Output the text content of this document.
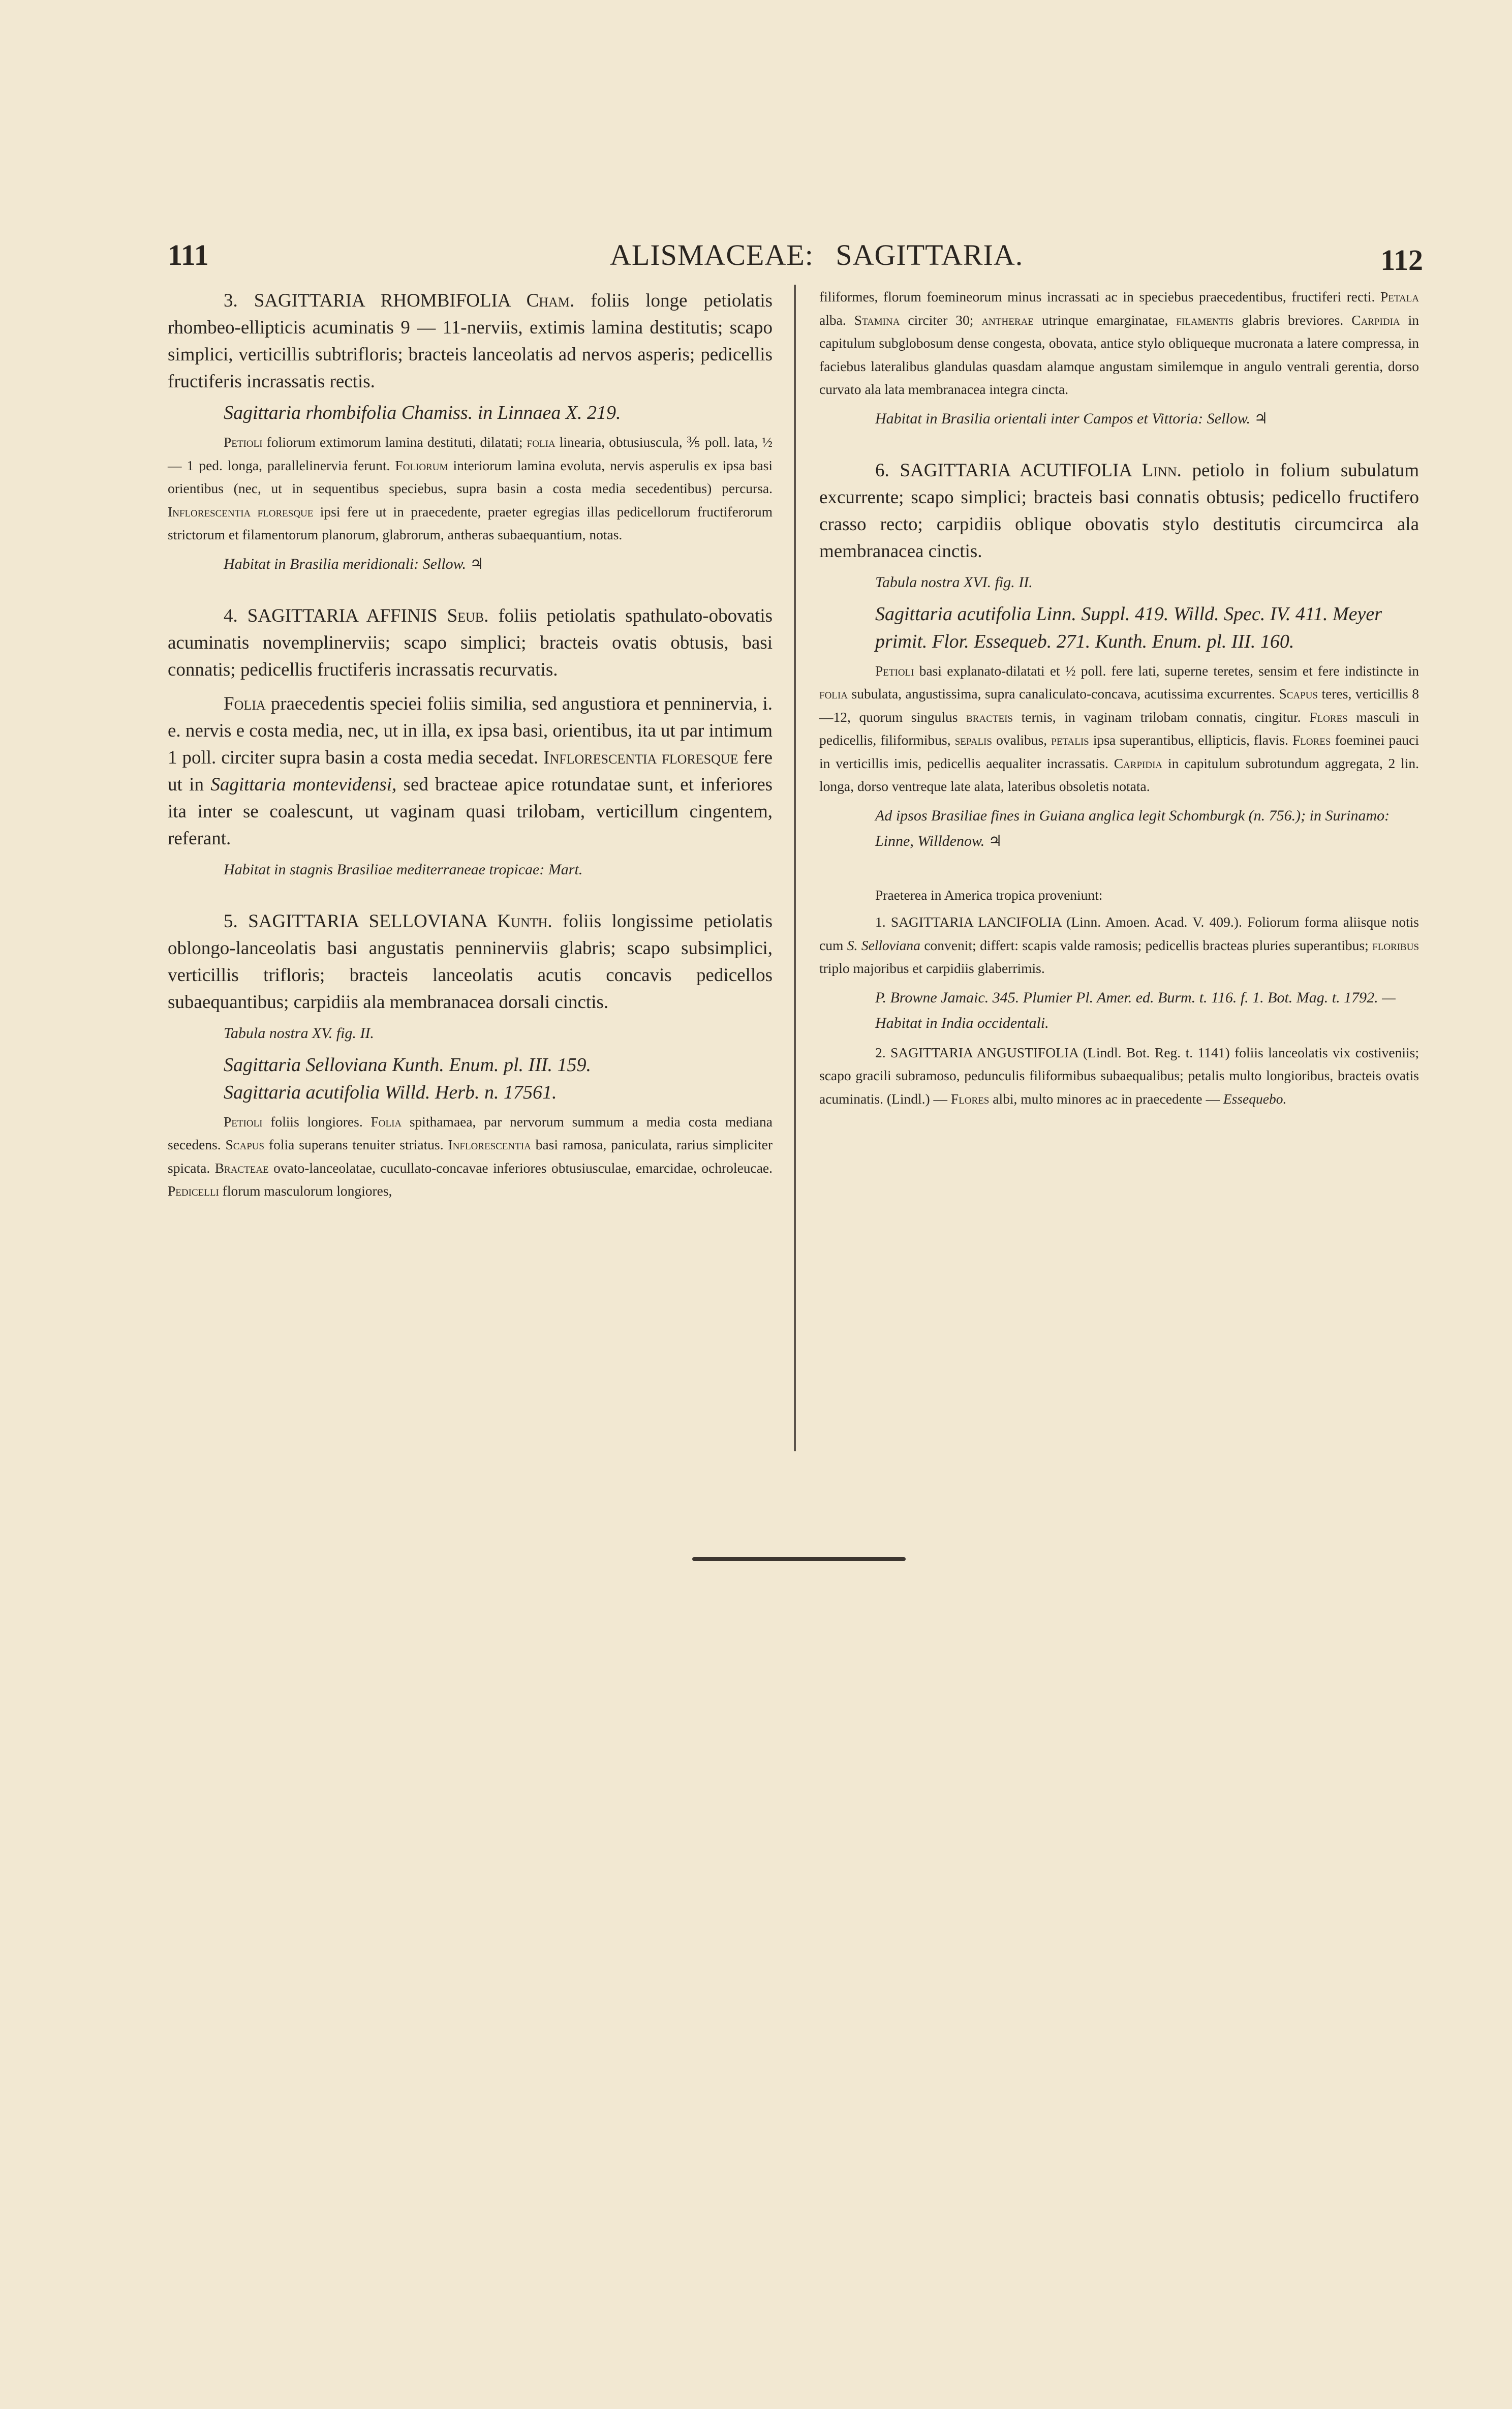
111	ALISMACEAE: SAGITTARIA.	112

3. SAGITTARIA RHOMBIFOLIA Cham. foliis longe petiolatis rhombeo-ellipticis acuminatis 9 — 11-nerviis, extimis lamina destitutis; scapo simplici, verticillis subtrifloris; bracteis lanceolatis ad nervos asperis; pedicellis fructiferis incrassatis rectis.

Sagittaria rhombifolia Chamiss. in Linnaea X. 219.

Petioli foliorum extimorum lamina destituti, dilatati; folia linearia, obtusiuscula, ⅗ poll. lata, ½ — 1 ped. longa, parallelinervia ferunt. Foliorum interiorum lamina evoluta, nervis asperulis ex ipsa basi orientibus (nec, ut in sequentibus speciebus, supra basin a costa media secedentibus) percursa. Inflorescentia floresque ipsi fere ut in praecedente, praeter egregias illas pedicellorum fructiferorum strictorum et filamentorum planorum, glabrorum, antheras subaequantium, notas.

Habitat in Brasilia meridionali: Sellow. ♃

4. SAGITTARIA AFFINIS Seub. foliis petiolatis spathulato-obovatis acuminatis novemplinerviis; scapo simplici; bracteis ovatis obtusis, basi connatis; pedicellis fructiferis incrassatis recurvatis.

Folia praecedentis speciei foliis similia, sed angustiora et penninervia, i. e. nervis e costa media, nec, ut in illa, ex ipsa basi, orientibus, ita ut par intimum 1 poll. circiter supra basin a costa media secedat. Inflorescentia floresque fere ut in Sagittaria montevidensi, sed bracteae apice rotundatae sunt, et inferiores ita inter se coalescunt, ut vaginam quasi trilobam, verticillum cingentem, referant.

Habitat in stagnis Brasiliae mediterraneae tropicae: Mart.

5. SAGITTARIA SELLOVIANA Kunth. foliis longissime petiolatis oblongo-lanceolatis basi angustatis penninerviis glabris; scapo subsimplici, verticillis trifloris; bracteis lanceolatis acutis concavis pedicellos subaequantibus; carpidiis ala membranacea dorsali cinctis.

Tabula nostra XV. fig. II.
Sagittaria Selloviana Kunth. Enum. pl. III. 159.
Sagittaria acutifolia Willd. Herb. n. 17561.

Petioli foliis longiores. Folia spithamaea, par nervorum summum a media costa mediana secedens. Scapus folia superans tenuiter striatus. Inflorescentia basi ramosa, paniculata, rarius simpliciter spicata. Bracteae ovato-lanceolatae, cucullato-concavae inferiores obtusiusculae, emarcidae, ochroleucae. Pedicelli florum masculorum longiores,

filiformes, florum foemineorum minus incrassati ac in speciebus praecedentibus, fructiferi recti. Petala alba. Stamina circiter 30; antherae utrinque emarginatae, filamentis glabris breviores. Carpidia in capitulum subglobosum dense congesta, obovata, antice stylo obliqueque mucronata a latere compressa, in faciebus lateralibus glandulas quasdam alamque angustam similemque in angulo ventrali gerentia, dorso curvato ala lata membranacea integra cincta.

Habitat in Brasilia orientali inter Campos et Vittoria: Sellow. ♃

6. SAGITTARIA ACUTIFOLIA Linn. petiolo in folium subulatum excurrente; scapo simplici; bracteis basi connatis obtusis; pedicello fructifero crasso recto; carpidiis oblique obovatis stylo destitutis circumcirca ala membranacea cinctis.

Tabula nostra XVI. fig. II.
Sagittaria acutifolia Linn. Suppl. 419. Willd. Spec. IV. 411. Meyer primit. Flor. Essequeb. 271. Kunth. Enum. pl. III. 160.

Petioli basi explanato-dilatati et ½ poll. fere lati, superne teretes, sensim et fere indistincte in folia subulata, angustissima, supra canaliculato-concava, acutissima excurrentes. Scapus teres, verticillis 8—12, quorum singulus bracteis ternis, in vaginam trilobam connatis, cingitur. Flores masculi in pedicellis, filiformibus, sepalis ovalibus, petalis ipsa superantibus, ellipticis, flavis. Flores foeminei pauci in verticillis imis, pedicellis aequaliter incrassatis. Carpidia in capitulum subrotundum aggregata, 2 lin. longa, dorso ventreque late alata, lateribus obsoletis notata.

Ad ipsos Brasiliae fines in Guiana anglica legit Schomburgk (n. 756.); in Surinamo: Linne, Willdenow. ♃
Praeterea in America tropica proveniunt:

1. SAGITTARIA LANCIFOLIA (Linn. Amoen. Acad. V. 409.). Foliorum forma aliisque notis cum S. Selloviana convenit; differt: scapis valde ramosis; pedicellis bracteas pluries superantibus; floribus triplo majoribus et carpidiis glaberrimis.

P. Browne Jamaic. 345. Plumier Pl. Amer. ed. Burm. t. 116. f. 1. Bot. Mag. t. 1792. — Habitat in India occidentali.

2. SAGITTARIA ANGUSTIFOLIA (Lindl. Bot. Reg. t. 1141) foliis lanceolatis vix costiveniis; scapo gracili subramoso, pedunculis filiformibus subaequalibus; petalis multo longioribus, bracteis ovatis acuminatis. (Lindl.) — Flores albi, multo minores ac in praecedente — Essequebo.
